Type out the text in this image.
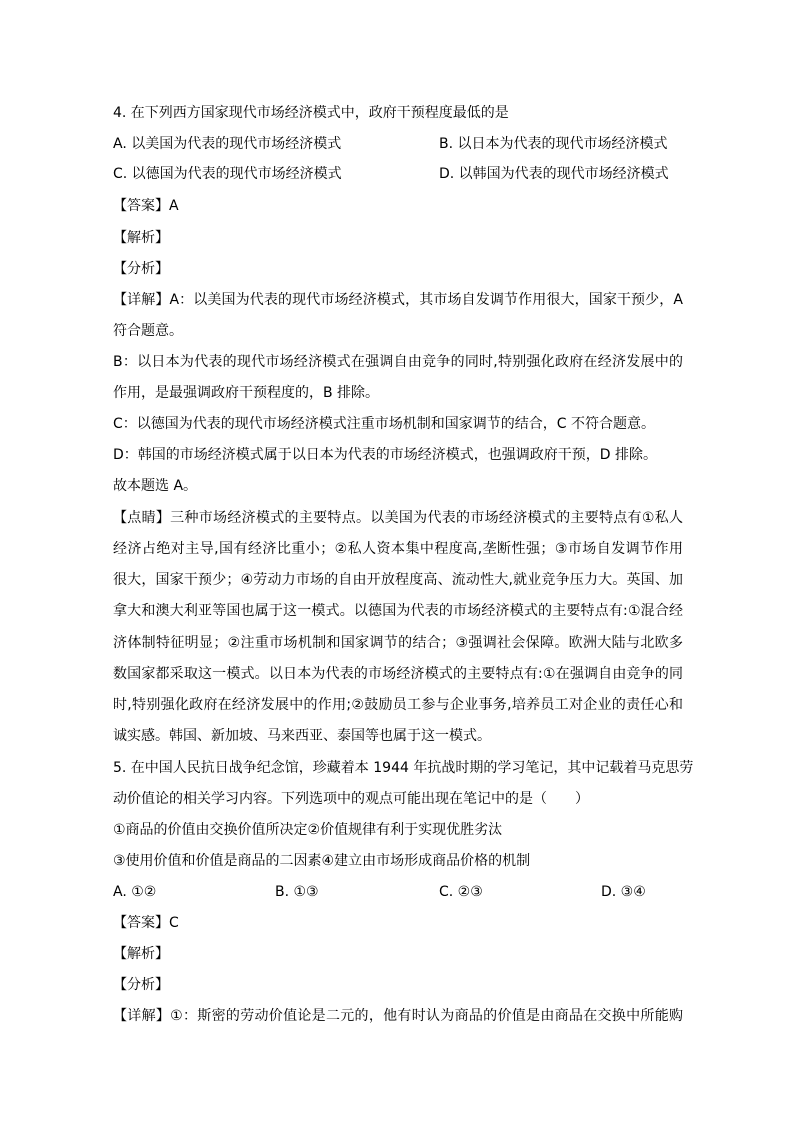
4. 在下列西方国家现代市场经济模式中，政府干预程度最低的是
A. 以美国为代表的现代市场经济模式	B. 以日本为代表的现代市场经济模式
C. 以德国为代表的现代市场经济模式	D. 以韩国为代表的现代市场经济模式
【答案】A
【解析】
【分析】
【详解】A：以美国为代表的现代市场经济模式，其市场自发调节作用很大，国家干预少，A
符合题意。
B：以日本为代表的现代市场经济模式在强调自由竞争的同时,特别强化政府在经济发展中的
作用，是最强调政府干预程度的，B 排除。
C：以德国为代表的现代市场经济模式注重市场机制和国家调节的结合，C 不符合题意。
D：韩国的市场经济模式属于以日本为代表的市场经济模式，也强调政府干预，D 排除。
故本题选 A。
【点睛】三种市场经济模式的主要特点。以美国为代表的市场经济模式的主要特点有①私人
经济占绝对主导,国有经济比重小；②私人资本集中程度高,垄断性强；③市场自发调节作用
很大，国家干预少；④劳动力市场的自由开放程度高、流动性大,就业竞争压力大。英国、加
拿大和澳大利亚等国也属于这一模式。以德国为代表的市场经济模式的主要特点有:①混合经
济体制特征明显；②注重市场机制和国家调节的结合；③强调社会保障。欧洲大陆与北欧多
数国家都采取这一模式。以日本为代表的市场经济模式的主要特点有:①在强调自由竞争的同
时,特别强化政府在经济发展中的作用;②鼓励员工参与企业事务,培养员工对企业的责任心和
诚实感。韩国、新加坡、马来西亚、泰国等也属于这一模式。
5. 在中国人民抗日战争纪念馆，珍藏着本 1944 年抗战时期的学习笔记，其中记载着马克思劳
动价值论的相关学习内容。下列选项中的观点可能出现在笔记中的是（　　）
①商品的价值由交换价值所决定②价值规律有利于实现优胜劣汰
③使用价值和价值是商品的二因素④建立由市场形成商品价格的机制
A. ①②	B. ①③	C. ②③	D. ③④
【答案】C
【解析】
【分析】
【详解】①：斯密的劳动价值论是二元的，他有时认为商品的价值是由商品在交换中所能购
